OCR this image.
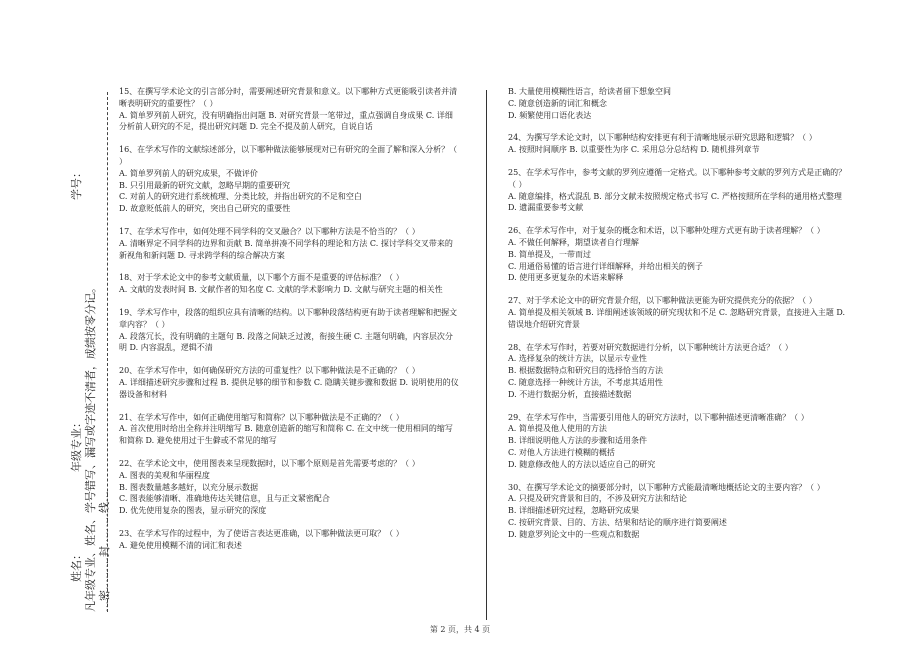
姓名：
年级专业：
学号：
凡年级专业、姓名、学号错写、漏写或字迹不清者，成绩按零分记。 …密………封………线…
15、在撰写学术论文的引言部分时，需要阐述研究背景和意义。以下哪种方式更能吸引读者并清晰表明研究的重要性？（ ）
A. 简单罗列前人研究，没有明确指出问题 B. 对研究背景一笔带过，重点强调自身成果 C. 详细分析前人研究的不足，提出研究问题 D. 完全不提及前人研究，自说自话
16、在学术写作的文献综述部分，以下哪种做法能够展现对已有研究的全面了解和深入分析？（ ）
A. 简单罗列前人的研究成果，不做评价
B. 只引用最新的研究文献，忽略早期的重要研究
C. 对前人的研究进行系统梳理、分类比较，并指出研究的不足和空白
D. 故意贬低前人的研究，突出自己研究的重要性
17、在学术写作中，如何处理不同学科的交叉融合？以下哪种方法是不恰当的？（ ）
A. 清晰界定不同学科的边界和贡献 B. 简单拼凑不同学科的理论和方法 C. 探讨学科交叉带来的新视角和新问题 D. 寻求跨学科的综合解决方案
18、对于学术论文中的参考文献质量，以下哪个方面不是重要的评估标准？（ ）
A. 文献的发表时间 B. 文献作者的知名度 C. 文献的学术影响力 D. 文献与研究主题的相关性
19、学术写作中，段落的组织应具有清晰的结构。以下哪种段落结构更有助于读者理解和把握文章内容？（ ）
A. 段落冗长，没有明确的主题句 B. 段落之间缺乏过渡，衔接生硬 C. 主题句明确，内容层次分明 D. 内容混乱，逻辑不清
20、在学术写作中，如何确保研究方法的可重复性？以下哪种做法是不正确的？（ ）
A. 详细描述研究步骤和过程 B. 提供足够的细节和参数 C. 隐瞒关键步骤和数据 D. 说明使用的仪器设备和材料
21、在学术写作中，如何正确使用缩写和简称？以下哪种做法是不正确的？（ ）
A. 首次使用时给出全称并注明缩写 B. 随意创造新的缩写和简称 C. 在文中统一使用相同的缩写和简称 D. 避免使用过于生僻或不常见的缩写
22、在学术论文中，使用图表来呈现数据时，以下哪个原则是首先需要考虑的？（ ）
A. 图表的美观和华丽程度
B. 图表数量越多越好，以充分展示数据
C. 图表能够清晰、准确地传达关键信息，且与正文紧密配合
D. 优先使用复杂的图表，显示研究的深度
23、在学术写作的过程中，为了使语言表达更准确，以下哪种做法更可取？（ ）
A. 避免使用模糊不清的词汇和表述
B. 大量使用模糊性语言，给读者留下想象空间
C. 随意创造新的词汇和概念
D. 频繁使用口语化表达
24、为撰写学术论文时，以下哪种结构安排更有利于清晰地展示研究思路和逻辑？（ ）
A. 按照时间顺序 B. 以重要性为序 C. 采用总分总结构 D. 随机排列章节
25、在学术写作中，参考文献的罗列应遵循一定格式。以下哪种参考文献的罗列方式是正确的？（ ）
A. 随意编排，格式混乱 B. 部分文献未按照规定格式书写 C. 严格按照所在学科的通用格式整理 D. 遗漏重要参考文献
26、在学术写作中，对于复杂的概念和术语，以下哪种处理方式更有助于读者理解？（ ）
A. 不做任何解释，期望读者自行理解
B. 简单提及，一带而过
C. 用通俗易懂的语言进行详细解释，并给出相关的例子
D. 使用更多更复杂的术语来解释
27、对于学术论文中的研究背景介绍，以下哪种做法更能为研究提供充分的依据？（ ）
A. 简单提及相关领域 B. 详细阐述该领域的研究现状和不足 C. 忽略研究背景，直接进入主题 D. 错误地介绍研究背景
28、在学术写作时，若要对研究数据进行分析，以下哪种统计方法更合适？（ ）
A. 选择复杂的统计方法，以显示专业性
B. 根据数据特点和研究目的选择恰当的方法
C. 随意选择一种统计方法，不考虑其适用性
D. 不进行数据分析，直接描述数据
29、在学术写作中，当需要引用他人的研究方法时，以下哪种描述更清晰准确？（ ）
A. 简单提及他人使用的方法
B. 详细说明他人方法的步骤和适用条件
C. 对他人方法进行模糊的概括
D. 随意修改他人的方法以适应自己的研究
30、在撰写学术论文的摘要部分时，以下哪种方式能最清晰地概括论文的主要内容？（ ）
A. 只提及研究背景和目的，不涉及研究方法和结论
B. 详细描述研究过程，忽略研究成果
C. 按研究背景、目的、方法、结果和结论的顺序进行简要阐述
D. 随意罗列论文中的一些观点和数据
第 2 页，共 4 页
